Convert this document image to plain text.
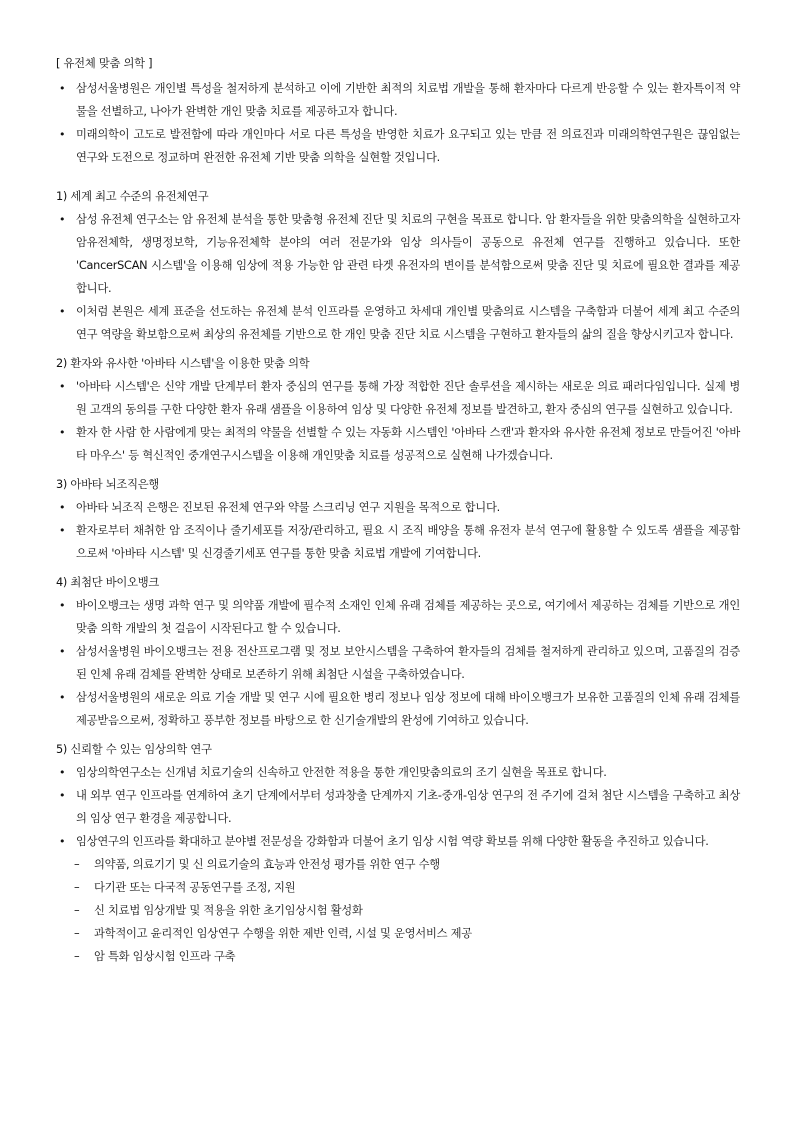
[ 유전체 맞춤 의학 ]
• 삼성서울병원은 개인별 특성을 철저하게 분석하고 이에 기반한 최적의 치료법 개발을 통해 환자마다 다르게 반응할 수 있는 환자특이적 약물을 선별하고, 나아가 완벽한 개인 맞춤 치료를 제공하고자 합니다.
• 미래의학이 고도로 발전함에 따라 개인마다 서로 다른 특성을 반영한 치료가 요구되고 있는 만큼 전 의료진과 미래의학연구원은 끊임없는 연구와 도전으로 정교하며 완전한 유전체 기반 맞춤 의학을 실현할 것입니다.
1) 세계 최고 수준의 유전체연구
• 삼성 유전체 연구소는 암 유전체 분석을 통한 맞춤형 유전체 진단 및 치료의 구현을 목표로 합니다. 암 환자들을 위한 맞춤의학을 실현하고자 암유전체학, 생명정보학, 기능유전체학 분야의 여러 전문가와 임상 의사들이 공동으로 유전체 연구를 진행하고 있습니다. 또한 'CancerSCAN 시스템'을 이용해 임상에 적용 가능한 암 관련 타겟 유전자의 변이를 분석함으로써 맞춤 진단 및 치료에 필요한 결과를 제공합니다.
• 이처럼 본원은 세계 표준을 선도하는 유전체 분석 인프라를 운영하고 차세대 개인별 맞춤의료 시스템을 구축함과 더불어 세계 최고 수준의 연구 역량을 확보함으로써 최상의 유전체를 기반으로 한 개인 맞춤 진단 치료 시스템을 구현하고 환자들의 삶의 질을 향상시키고자 합니다.
2) 환자와 유사한 '아바타 시스템'을 이용한 맞춤 의학
• '아바타 시스템'은 신약 개발 단계부터 환자 중심의 연구를 통해 가장 적합한 진단 솔루션을 제시하는 새로운 의료 패러다임입니다. 실제 병원 고객의 동의를 구한 다양한 환자 유래 샘플을 이용하여 임상 및 다양한 유전체 정보를 발견하고, 환자 중심의 연구를 실현하고 있습니다.
• 환자 한 사람 한 사람에게 맞는 최적의 약물을 선별할 수 있는 자동화 시스템인 '아바타 스캔'과 환자와 유사한 유전체 정보로 만들어진 '아바타 마우스' 등 혁신적인 중개연구시스템을 이용해 개인맞춤 치료를 성공적으로 실현해 나가겠습니다.
3) 아바타 뇌조직은행
• 아바타 뇌조직 은행은 진보된 유전체 연구와 약물 스크리닝 연구 지원을 목적으로 합니다.
• 환자로부터 채취한 암 조직이나 줄기세포를 저장/관리하고, 필요 시 조직 배양을 통해 유전자 분석 연구에 활용할 수 있도록 샘플을 제공함으로써 '아바타 시스템' 및 신경줄기세포 연구를 통한 맞춤 치료법 개발에 기여합니다.
4) 최첨단 바이오뱅크
• 바이오뱅크는 생명 과학 연구 및 의약품 개발에 필수적 소재인 인체 유래 검체를 제공하는 곳으로, 여기에서 제공하는 검체를 기반으로 개인 맞춤 의학 개발의 첫 걸음이 시작된다고 할 수 있습니다.
• 삼성서울병원 바이오뱅크는 전용 전산프로그램 및 정보 보안시스템을 구축하여 환자들의 검체를 철저하게 관리하고 있으며, 고품질의 검증된 인체 유래 검체를 완벽한 상태로 보존하기 위해 최첨단 시설을 구축하였습니다.
• 삼성서울병원의 새로운 의료 기술 개발 및 연구 시에 필요한 병리 정보나 임상 정보에 대해 바이오뱅크가 보유한 고품질의 인체 유래 검체를 제공받음으로써, 정확하고 풍부한 정보를 바탕으로 한 신기술개발의 완성에 기여하고 있습니다.
5) 신뢰할 수 있는 임상의학 연구
• 임상의학연구소는 신개념 치료기술의 신속하고 안전한 적용을 통한 개인맞춤의료의 조기 실현을 목표로 합니다.
• 내 외부 연구 인프라를 연계하여 초기 단계에서부터 성과창출 단계까지 기초-중개-임상 연구의 전 주기에 걸쳐 첨단 시스템을 구축하고 최상의 임상 연구 환경을 제공합니다.
• 임상연구의 인프라를 확대하고 분야별 전문성을 강화함과 더불어 초기 임상 시험 역량 확보를 위해 다양한 활동을 추진하고 있습니다.
– 의약품, 의료기기 및 신 의료기술의 효능과 안전성 평가를 위한 연구 수행
– 다기관 또는 다국적 공동연구를 조정, 지원
– 신 치료법 임상개발 및 적용을 위한 초기임상시험 활성화
– 과학적이고 윤리적인 임상연구 수행을 위한 제반 인력, 시설 및 운영서비스 제공
– 암 특화 임상시험 인프라 구축
